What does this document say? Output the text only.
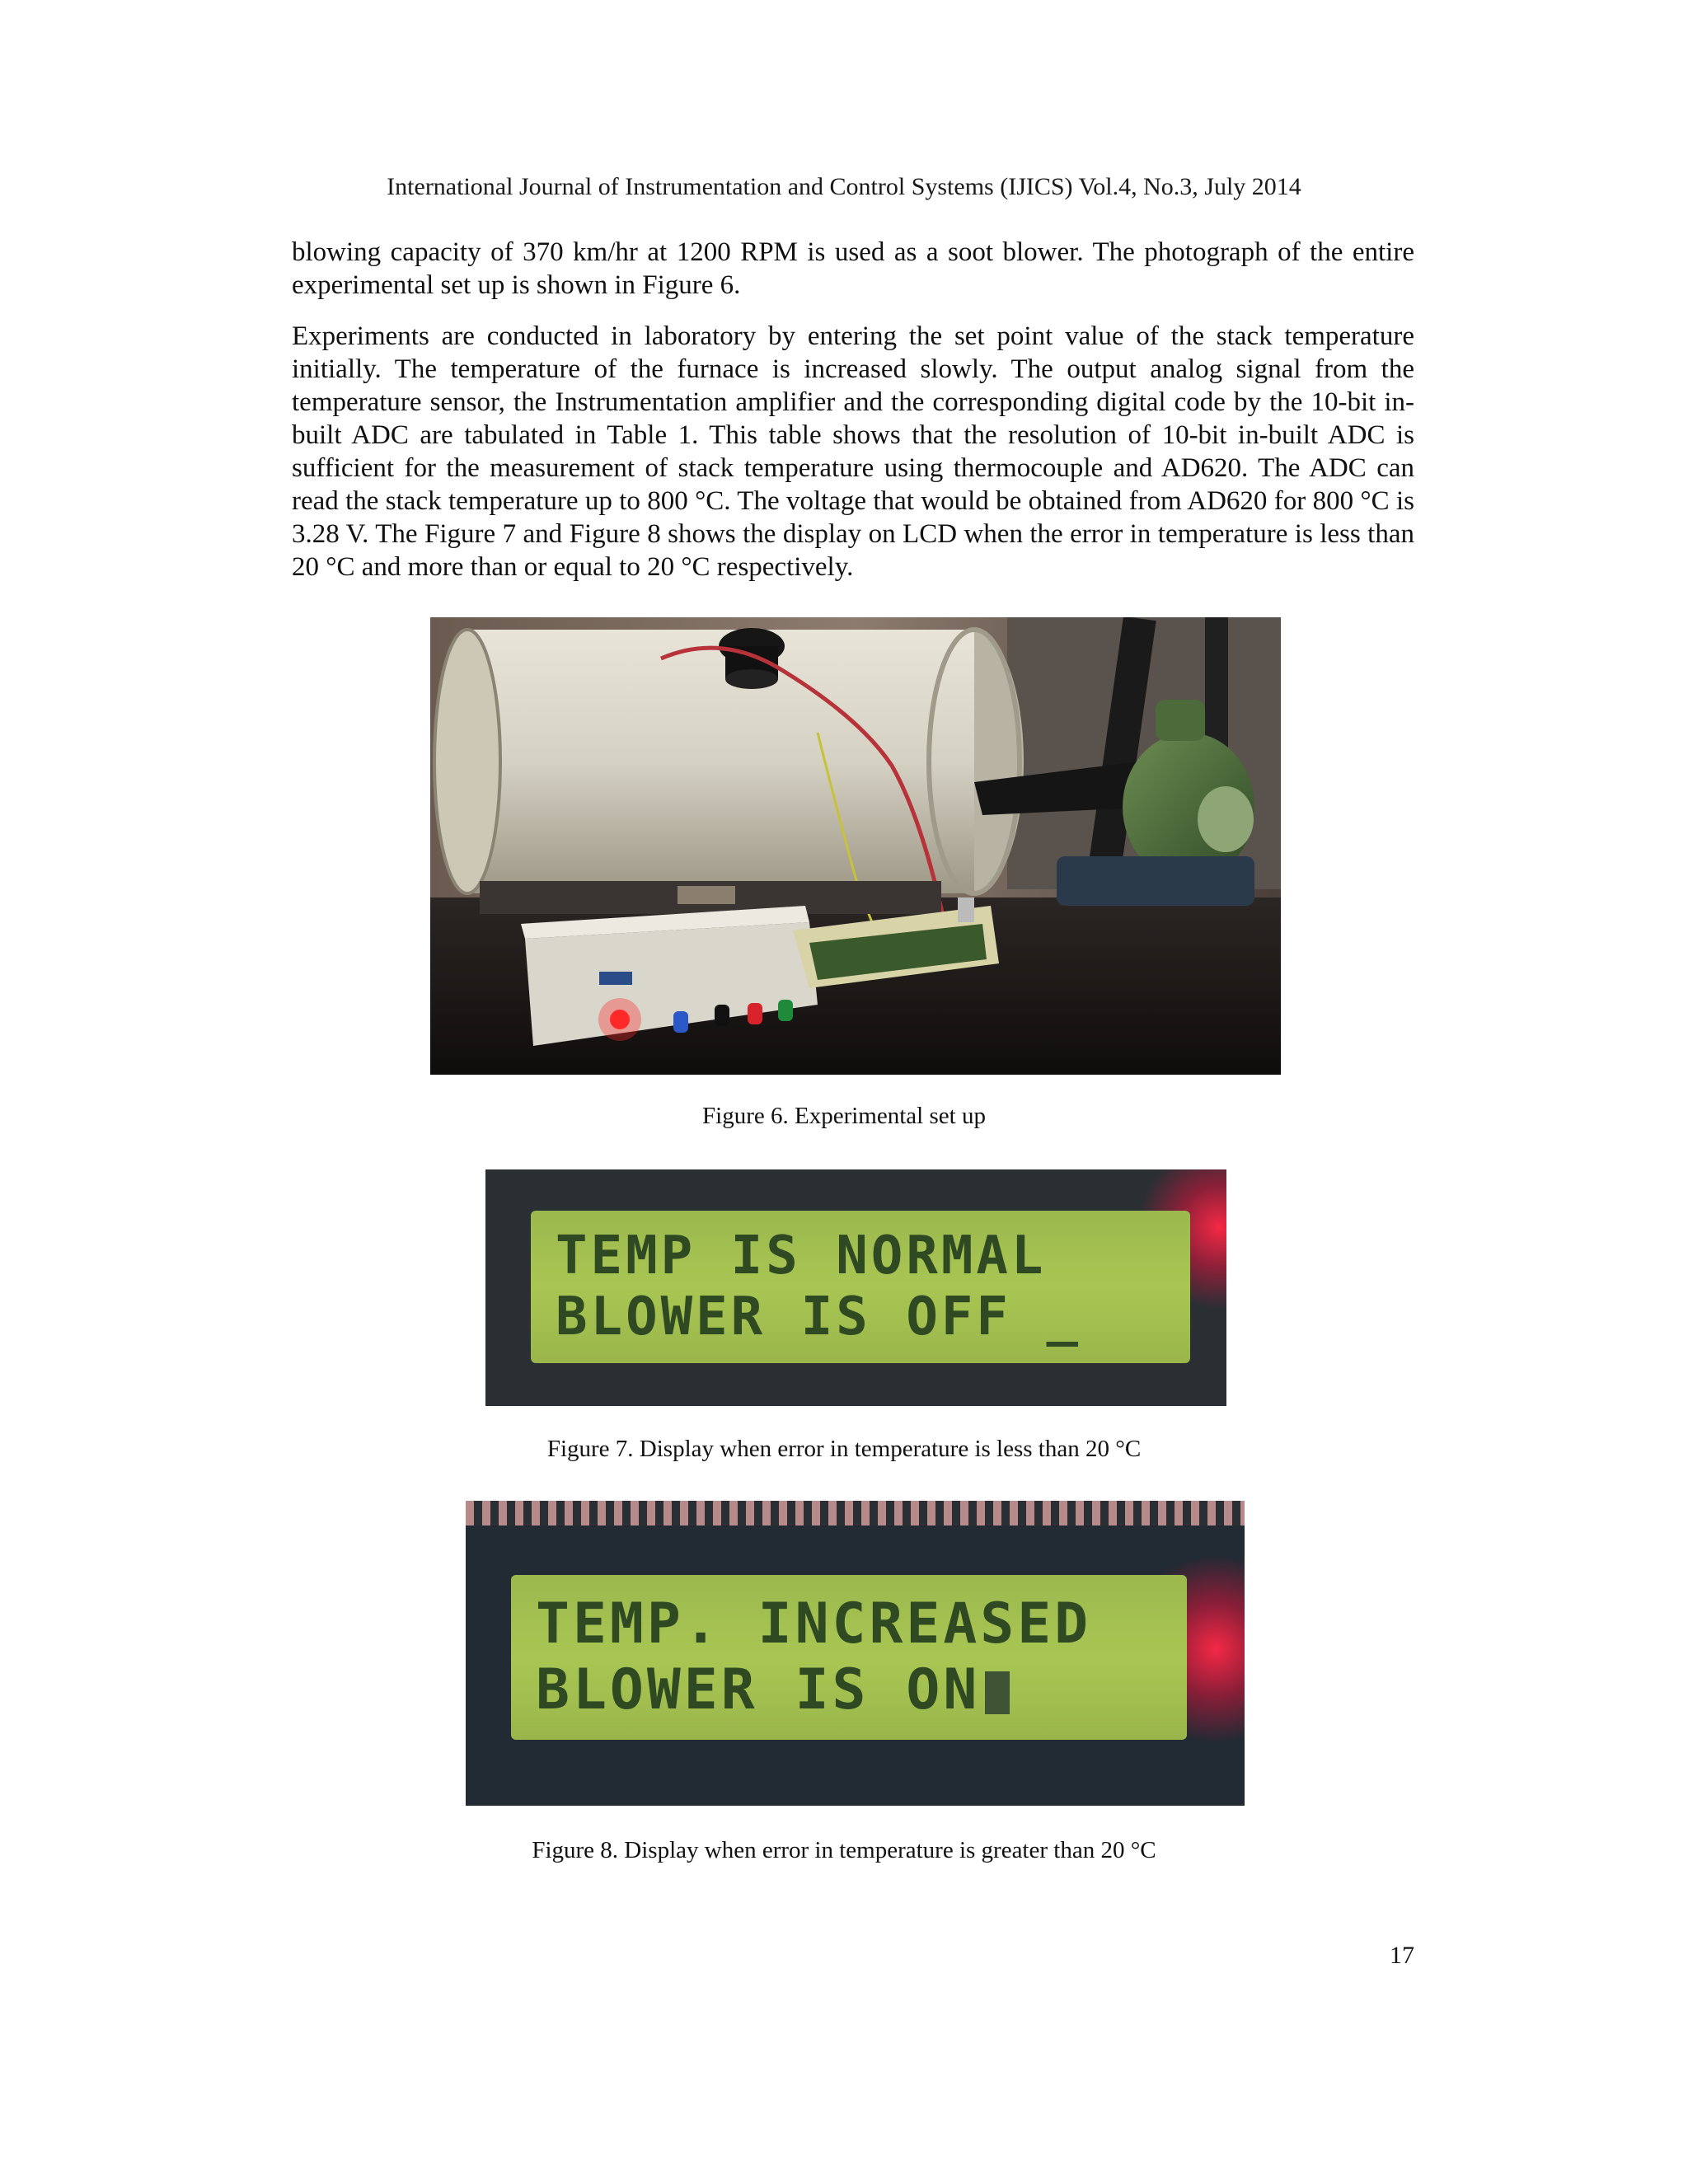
International Journal of Instrumentation and Control Systems (IJICS) Vol.4, No.3, July 2014
blowing capacity of 370 km/hr at 1200 RPM is used as a soot blower. The photograph of the entire experimental set up is shown in Figure 6.
Experiments are conducted in laboratory by entering the set point value of the stack temperature initially. The temperature of the furnace is increased slowly. The output analog signal from the temperature sensor, the Instrumentation amplifier and the corresponding digital code by the 10-bit in-built ADC are tabulated in Table 1. This table shows that the resolution of 10-bit in-built ADC is sufficient for the measurement of stack temperature using thermocouple and AD620. The ADC can read the stack temperature up to 800 °C. The voltage that would be obtained from AD620 for 800 °C is 3.28 V. The Figure 7 and Figure 8 shows the display on LCD when the error in temperature is less than 20 °C and more than or equal to 20 °C respectively.
Figure 6. Experimental set up
TEMP IS NORMAL
BLOWER IS OFF _
Figure 7. Display when error in temperature is less than 20 °C
TEMP. INCREASED
BLOWER IS ON
Figure 8. Display when error in temperature is greater than 20 °C
17
